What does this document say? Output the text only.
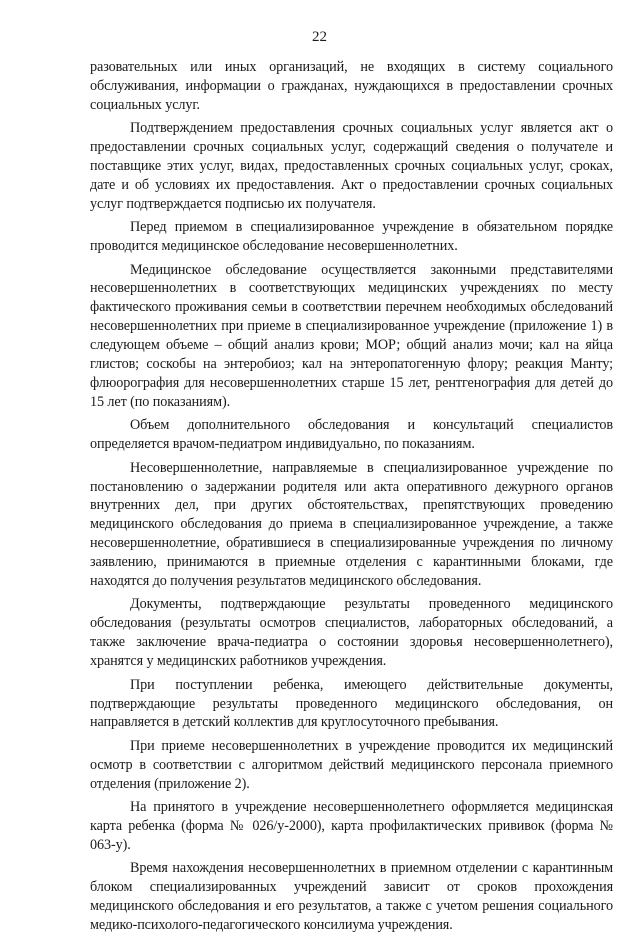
22

разовательных или иных организаций, не входящих в систему социального обслуживания, информации о гражданах, нуждающихся в предоставлении срочных социальных услуг.

Подтверждением предоставления срочных социальных услуг является акт о предоставлении срочных социальных услуг, содержащий сведения о получателе и поставщике этих услуг, видах, предоставленных срочных социальных услуг, сроках, дате и об условиях их предоставления. Акт о предоставлении срочных социальных услуг подтверждается подписью их получателя.

Перед приемом в специализированное учреждение в обязательном порядке проводится медицинское обследование несовершеннолетних.

Медицинское обследование осуществляется законными представителями несовершеннолетних в соответствующих медицинских учреждениях по месту фактического проживания семьи в соответствии перечнем необходимых обследований несовершеннолетних при приеме в специализированное учреждение (приложение 1) в следующем объеме – общий анализ крови; МОР; общий анализ мочи; кал на яйца глистов; соскобы на энтеробиоз; кал на энтеропатогенную флору; реакция Манту; флюорография для несовершеннолетних старше 15 лет, рентгенография для детей до 15 лет (по показаниям).

Объем дополнительного обследования и консультаций специалистов определяется врачом-педиатром индивидуально, по показаниям.

Несовершеннолетние, направляемые в специализированное учреждение по постановлению о задержании родителя или акта оперативного дежурного органов внутренних дел, при других обстоятельствах, препятствующих проведению медицинского обследования до приема в специализированное учреждение, а также несовершеннолетние, обратившиеся в специализированные учреждения по личному заявлению, принимаются в приемные отделения с карантинными блоками, где находятся до получения результатов медицинского обследования.

Документы, подтверждающие результаты проведенного медицинского обследования (результаты осмотров специалистов, лабораторных обследований, а также заключение врача-педиатра о состоянии здоровья несовершеннолетнего), хранятся у медицинских работников учреждения.

При поступлении ребенка, имеющего действительные документы, подтверждающие результаты проведенного медицинского обследования, он направляется в детский коллектив для круглосуточного пребывания.

При приеме несовершеннолетних в учреждение проводится их медицинский осмотр в соответствии с алгоритмом действий медицинского персонала приемного отделения (приложение 2).

На принятого в учреждение несовершеннолетнего оформляется медицинская карта ребенка (форма № 026/у-2000), карта профилактических прививок (форма № 063-у).

Время нахождения несовершеннолетних в приемном отделении с карантинным блоком специализированных учреждений зависит от сроков прохождения медицинского обследования и его результатов, а также с учетом решения социального медико-психолого-педагогического консилиума учреждения.
